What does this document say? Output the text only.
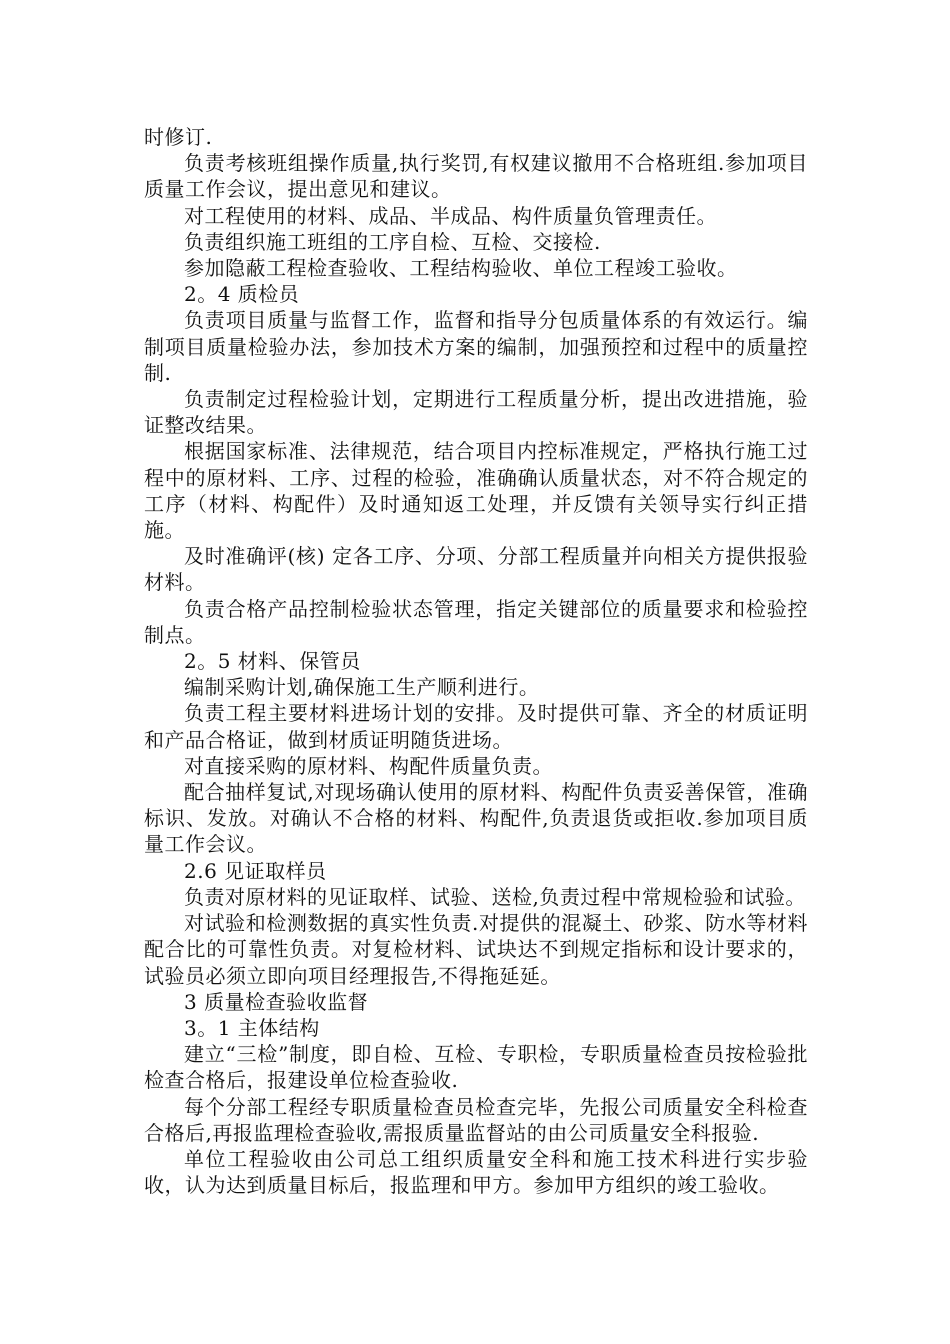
时修订.

负责考核班组操作质量,执行奖罚,有权建议撤用不合格班组.参加项目质量工作会议，提出意见和建议。

对工程使用的材料、成品、半成品、构件质量负管理责任。

负责组织施工班组的工序自检、互检、交接检.

参加隐蔽工程检查验收、工程结构验收、单位工程竣工验收。

2。4 质检员

负责项目质量与监督工作，监督和指导分包质量体系的有效运行。编制项目质量检验办法，参加技术方案的编制，加强预控和过程中的质量控制.

负责制定过程检验计划，定期进行工程质量分析，提出改进措施，验证整改结果。

根据国家标准、法律规范，结合项目内控标准规定，严格执行施工过程中的原材料、工序、过程的检验，准确确认质量状态，对不符合规定的工序（材料、构配件）及时通知返工处理，并反馈有关领导实行纠正措施。

及时准确评(核) 定各工序、分项、分部工程质量并向相关方提供报验材料。

负责合格产品控制检验状态管理，指定关键部位的质量要求和检验控制点。

2。5 材料、保管员

编制采购计划,确保施工生产顺利进行。

负责工程主要材料进场计划的安排。及时提供可靠、齐全的材质证明和产品合格证，做到材质证明随货进场。

对直接采购的原材料、构配件质量负责。

配合抽样复试,对现场确认使用的原材料、构配件负责妥善保管，准确标识、发放。对确认不合格的材料、构配件,负责退货或拒收.参加项目质量工作会议。

2.6 见证取样员

负责对原材料的见证取样、试验、送检,负责过程中常规检验和试验。

对试验和检测数据的真实性负责.对提供的混凝土、砂浆、防水等材料配合比的可靠性负责。对复检材料、试块达不到规定指标和设计要求的，试验员必须立即向项目经理报告,不得拖延延。

3 质量检查验收监督

3。1 主体结构

建立“三检”制度，即自检、互检、专职检，专职质量检查员按检验批检查合格后，报建设单位检查验收.

每个分部工程经专职质量检查员检查完毕，先报公司质量安全科检查合格后,再报监理检查验收,需报质量监督站的由公司质量安全科报验.

单位工程验收由公司总工组织质量安全科和施工技术科进行实步验收，认为达到质量目标后，报监理和甲方。参加甲方组织的竣工验收。
